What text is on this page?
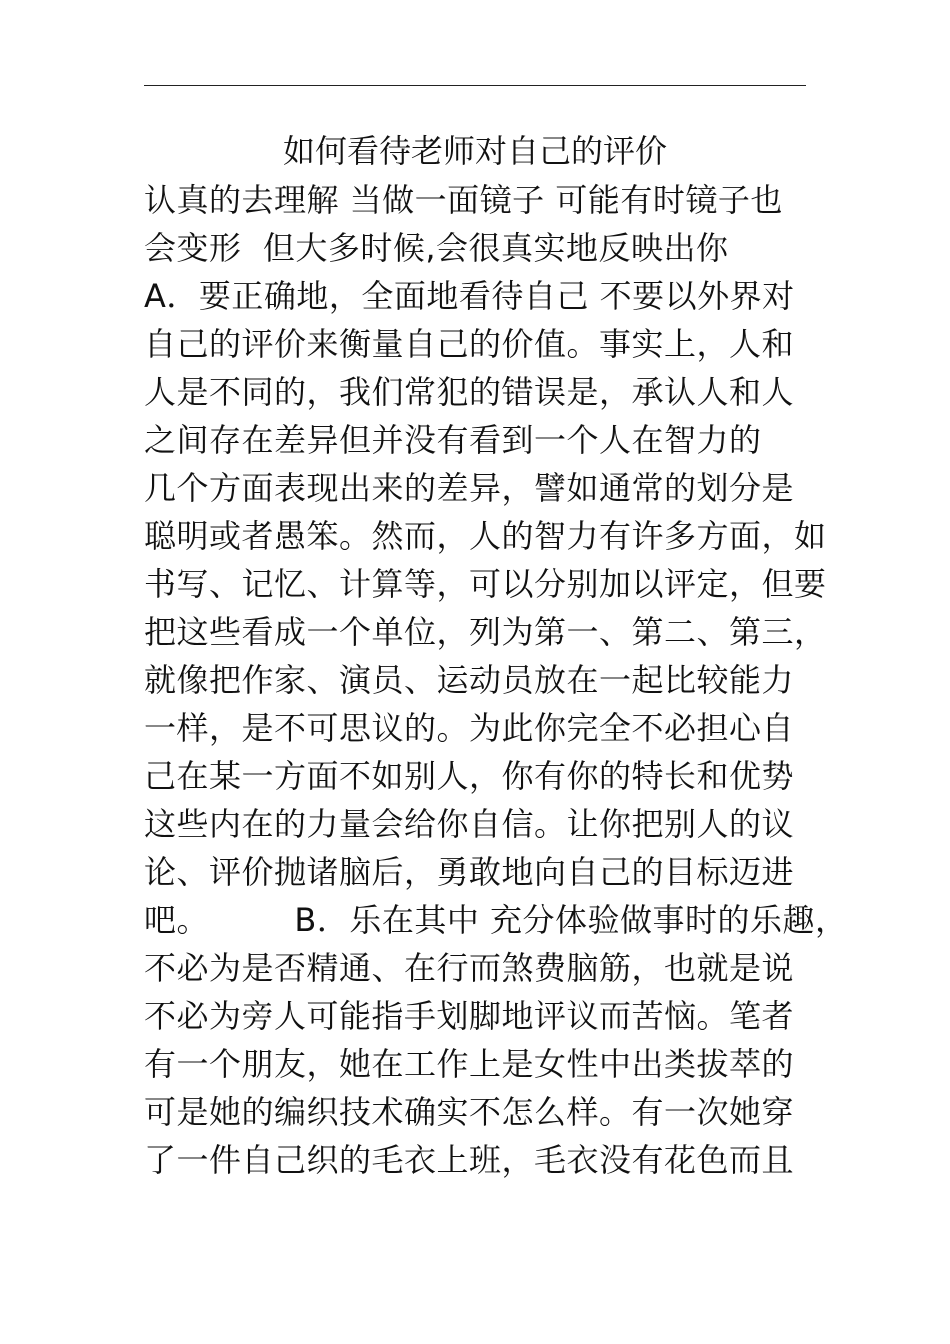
如何看待老师对自己的评价
认真的去理解 当做一面镜子 可能有时镜子也
会变形  但大多时候,会很真实地反映出你
A．要正确地，全面地看待自己 不要以外界对
自己的评价来衡量自己的价值。事实上，人和
人是不同的，我们常犯的错误是，承认人和人
之间存在差异但并没有看到一个人在智力的
几个方面表现出来的差异，譬如通常的划分是
聪明或者愚笨。然而，人的智力有许多方面，如
书写、记忆、计算等，可以分别加以评定，但要
把这些看成一个单位，列为第一、第二、第三，
就像把作家、演员、运动员放在一起比较能力
一样，是不可思议的。为此你完全不必担心自
己在某一方面不如别人，你有你的特长和优势
这些内在的力量会给你自信。让你把别人的议
论、评价抛诸脑后，勇敢地向自己的目标迈进
吧。        B．乐在其中 充分体验做事时的乐趣，
不必为是否精通、在行而煞费脑筋，也就是说
不必为旁人可能指手划脚地评议而苦恼。笔者
有一个朋友，她在工作上是女性中出类拔萃的
可是她的编织技术确实不怎么样。有一次她穿
了一件自己织的毛衣上班，毛衣没有花色而且
